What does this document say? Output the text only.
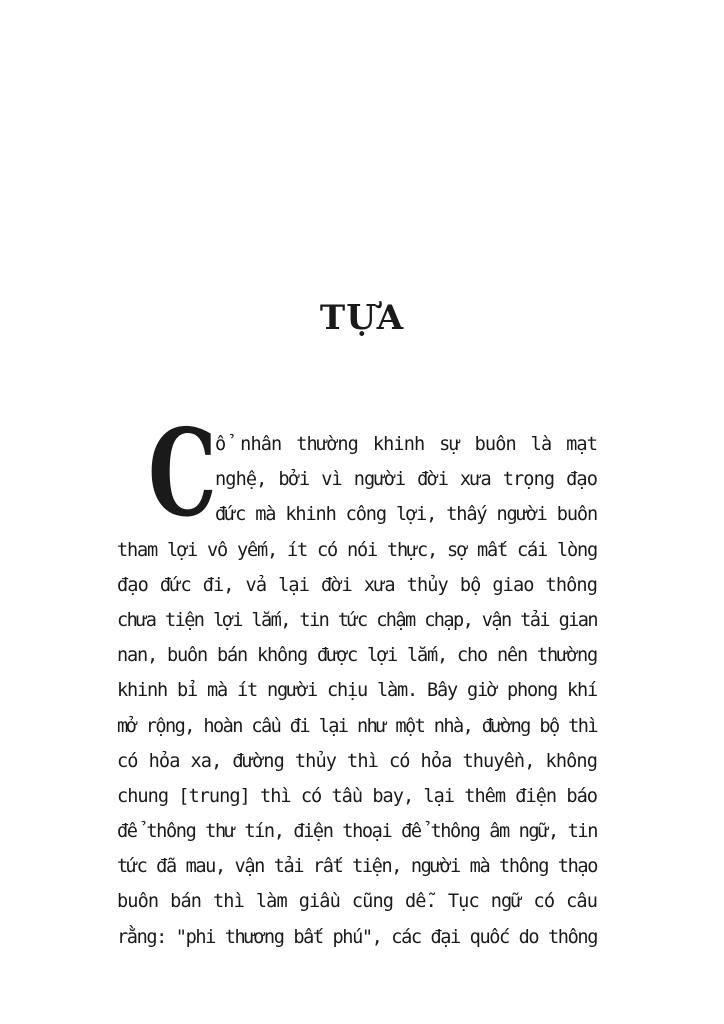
TỰA
C
ổ nhân thường khinh sự buôn là mạt
nghệ, bởi vì người đời xưa trọng đạo
đức mà khinh công lợi, thấy người buôn
tham lợi vô yếm, ít có nói thực, sợ mất cái lòng
đạo đức đi, vả lại đời xưa thủy bộ giao thông
chưa tiện lợi lắm, tin tức chậm chạp, vận tải gian
nan, buôn bán không được lợi lắm, cho nên thường
khinh bỉ mà ít người chịu làm. Bây giờ phong khí
mở rộng, hoàn cầu đi lại như một nhà, đường bộ thì
có hỏa xa, đường thủy thì có hỏa thuyền, không
chung [trung] thì có tầu bay, lại thêm điện báo
để thông thư tín, điện thoại để thông âm ngữ, tin
tức đã mau, vận tải rất tiện, người mà thông thạo
buôn bán thì làm giầu cũng dễ. Tục ngữ có câu
rằng: "phi thương bất phú", các đại quốc do thông
